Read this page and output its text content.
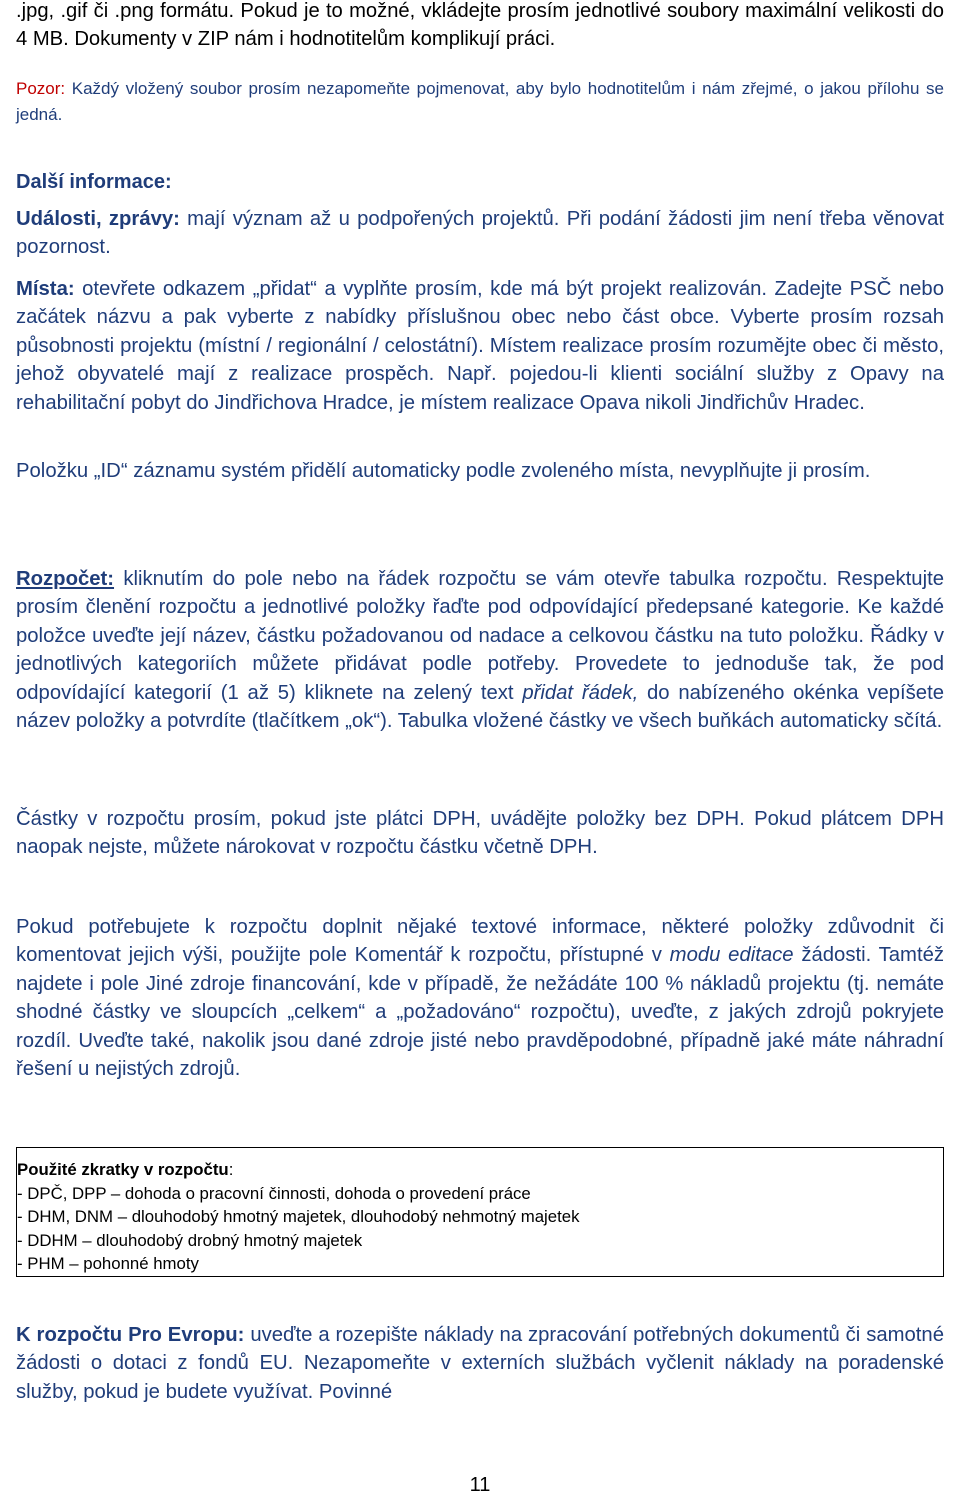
.jpg, .gif či .png formátu. Pokud je to možné, vkládejte prosím jednotlivé soubory maximální velikosti do 4 MB. Dokumenty v ZIP nám i hodnotitelům komplikují práci.

Pozor: Každý vložený soubor prosím nezapomeňte pojmenovat, aby bylo hodnotitelům i nám zřejmé, o jakou přílohu se jedná.

Další informace:

Události, zprávy: mají význam až u podpořených projektů. Při podání žádosti jim není třeba věnovat pozornost.

Místa: otevřete odkazem „přidat“ a vyplňte prosím, kde má být projekt realizován. Zadejte PSČ nebo začátek názvu a pak vyberte z nabídky příslušnou obec nebo část obce. Vyberte prosím rozsah působnosti projektu (místní / regionální / celostátní). Místem realizace prosím rozumějte obec či město, jehož obyvatelé mají z realizace prospěch. Např. pojedou-li klienti sociální služby z Opavy na rehabilitační pobyt do Jindřichova Hradce, je místem realizace Opava nikoli Jindřichův Hradec.

Položku „ID“ záznamu systém přidělí automaticky podle zvoleného místa, nevyplňujte ji prosím.

Rozpočet: kliknutím do pole nebo na řádek rozpočtu se vám otevře tabulka rozpočtu. Respektujte prosím členění rozpočtu a jednotlivé položky řaďte pod odpovídající předepsané kategorie. Ke každé položce uveďte její název, částku požadovanou od nadace a celkovou částku na tuto položku. Řádky v jednotlivých kategoriích můžete přidávat podle potřeby. Provedete to jednoduše tak, že pod odpovídající kategorií (1 až 5) kliknete na zelený text přidat řádek, do nabízeného okénka vepíšete název položky a potvrdíte (tlačítkem „ok“). Tabulka vložené částky ve všech buňkách automaticky sčítá.

Částky v rozpočtu prosím, pokud jste plátci DPH, uvádějte položky bez DPH. Pokud plátcem DPH naopak nejste, můžete nárokovat v rozpočtu částku včetně DPH.

Pokud potřebujete k rozpočtu doplnit nějaké textové informace, některé položky zdůvodnit či komentovat jejich výši, použijte pole Komentář k rozpočtu, přístupné v modu editace žádosti. Tamtéž najdete i pole Jiné zdroje financování, kde v případě, že nežádáte 100 % nákladů projektu (tj. nemáte shodné částky ve sloupcích „celkem“ a „požadováno“ rozpočtu), uveďte, z jakých zdrojů pokryjete rozdíl. Uveďte také, nakolik jsou dané zdroje jisté nebo pravděpodobné, případně jaké máte náhradní řešení u nejistých zdrojů.

Použité zkratky v rozpočtu:
- DPČ, DPP – dohoda o pracovní činnosti, dohoda o provedení práce
- DHM, DNM – dlouhodobý hmotný majetek, dlouhodobý nehmotný majetek
- DDHM – dlouhodobý drobný hmotný majetek
- PHM – pohonné hmoty

K rozpočtu Pro Evropu: uveďte a rozepište náklady na zpracování potřebných dokumentů či samotné žádosti o dotaci z fondů EU. Nezapomeňte v externích službách vyčlenit náklady na poradenské služby, pokud je budete využívat. Povinné

11
